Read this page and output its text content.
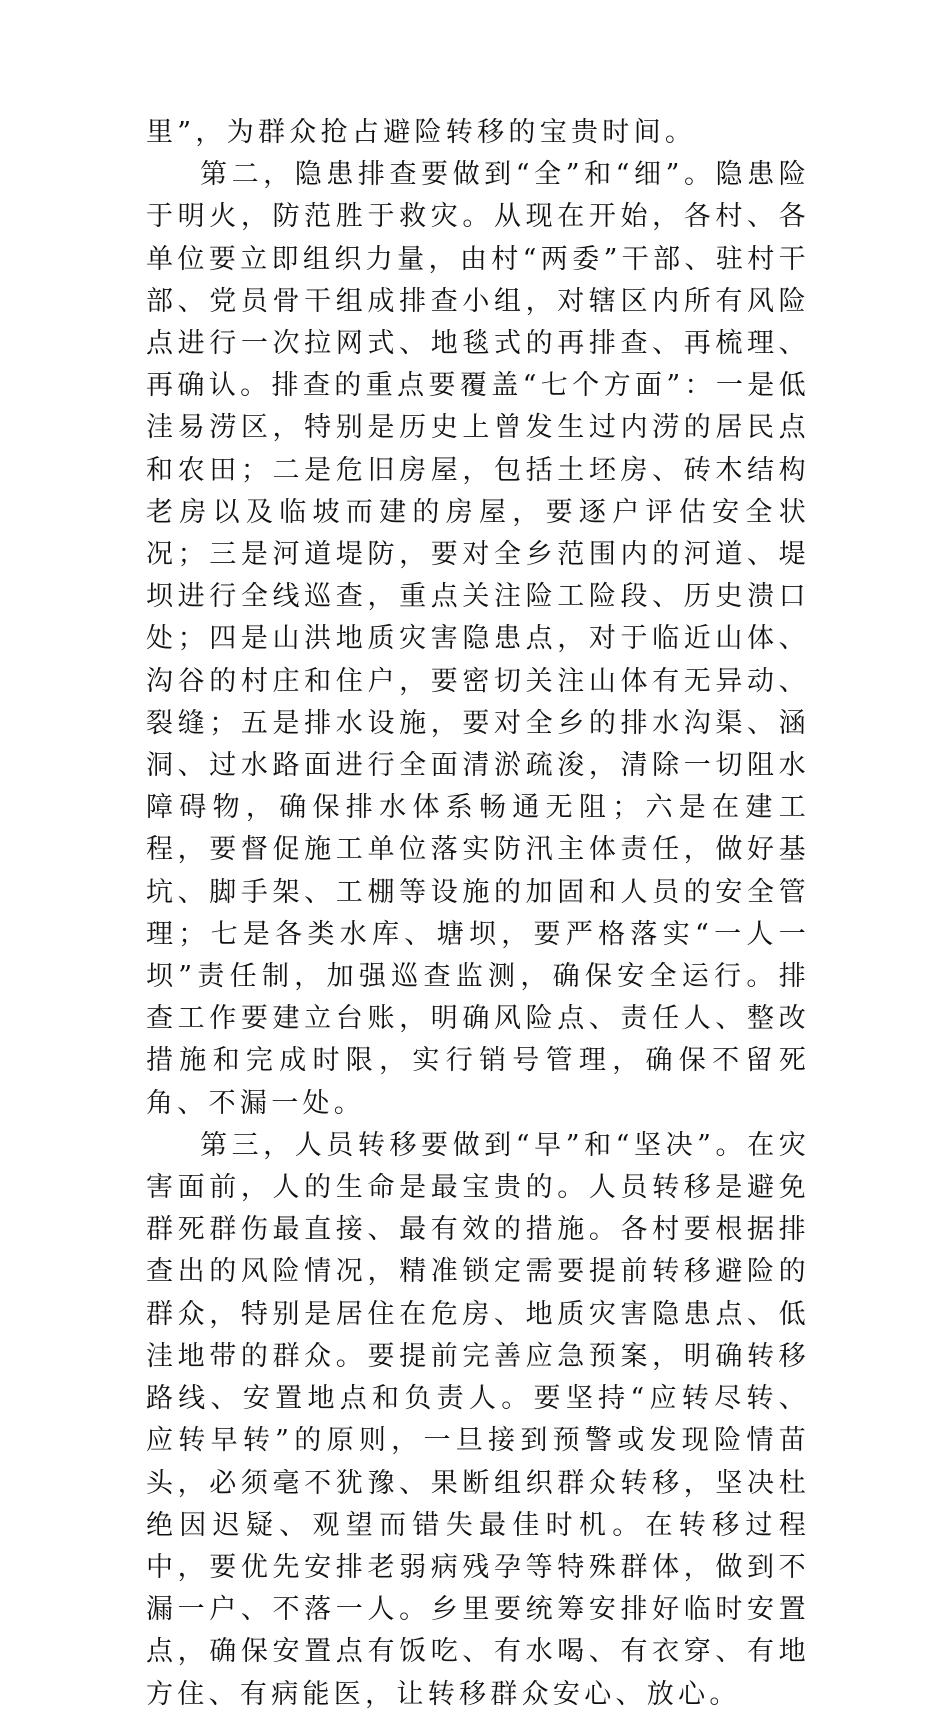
里”，为群众抢占避险转移的宝贵时间。

第二，隐患排查要做到“全”和“细”。隐患险于明火，防范胜于救灾。从现在开始，各村、各单位要立即组织力量，由村“两委”干部、驻村干部、党员骨干组成排查小组，对辖区内所有风险点进行一次拉网式、地毯式的再排查、再梳理、再确认。排查的重点要覆盖“七个方面”：一是低洼易涝区，特别是历史上曾发生过内涝的居民点和农田；二是危旧房屋，包括土坯房、砖木结构老房以及临坡而建的房屋，要逐户评估安全状况；三是河道堤防，要对全乡范围内的河道、堤坝进行全线巡查，重点关注险工险段、历史溃口处；四是山洪地质灾害隐患点，对于临近山体、沟谷的村庄和住户，要密切关注山体有无异动、裂缝；五是排水设施，要对全乡的排水沟渠、涵洞、过水路面进行全面清淤疏浚，清除一切阻水障碍物，确保排水体系畅通无阻；六是在建工程，要督促施工单位落实防汛主体责任，做好基坑、脚手架、工棚等设施的加固和人员的安全管理；七是各类水库、塘坝，要严格落实“一人一坝”责任制，加强巡查监测，确保安全运行。排查工作要建立台账，明确风险点、责任人、整改措施和完成时限，实行销号管理，确保不留死角、不漏一处。

第三，人员转移要做到“早”和“坚决”。在灾害面前，人的生命是最宝贵的。人员转移是避免群死群伤最直接、最有效的措施。各村要根据排查出的风险情况，精准锁定需要提前转移避险的群众，特别是居住在危房、地质灾害隐患点、低洼地带的群众。要提前完善应急预案，明确转移路线、安置地点和负责人。要坚持“应转尽转、应转早转”的原则，一旦接到预警或发现险情苗头，必须毫不犹豫、果断组织群众转移，坚决杜绝因迟疑、观望而错失最佳时机。在转移过程中，要优先安排老弱病残孕等特殊群体，做到不漏一户、不落一人。乡里要统筹安排好临时安置点，确保安置点有饭吃、有水喝、有衣穿、有地方住、有病能医，让转移群众安心、放心。
